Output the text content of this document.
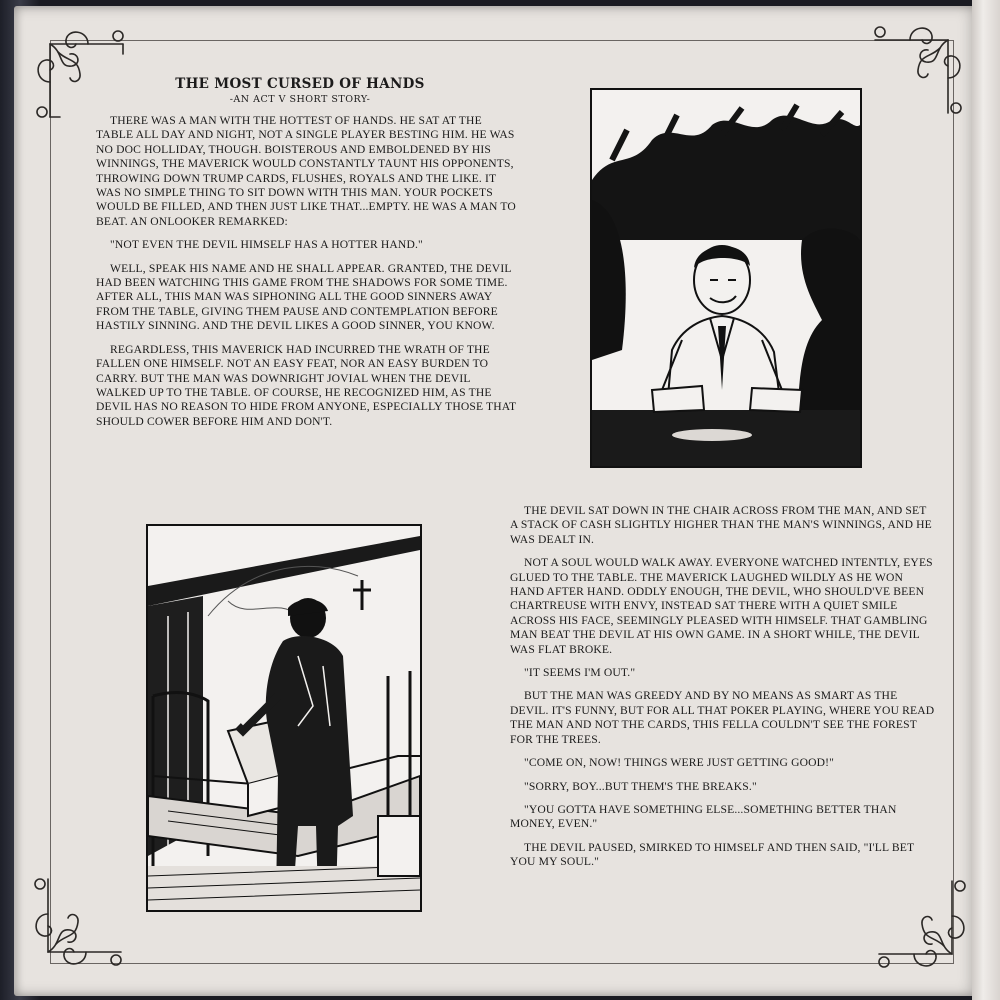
THE MOST CURSED OF HANDS
-AN ACT V SHORT STORY-

THERE WAS A MAN WITH THE HOTTEST OF HANDS. HE SAT AT THE TABLE ALL DAY AND NIGHT, NOT A SINGLE PLAYER BESTING HIM. HE WAS NO DOC HOLLIDAY, THOUGH. BOISTEROUS AND EMBOLDENED BY HIS WINNINGS, THE MAVERICK WOULD CONSTANTLY TAUNT HIS OPPONENTS, THROWING DOWN TRUMP CARDS, FLUSHES, ROYALS AND THE LIKE. IT WAS NO SIMPLE THING TO SIT DOWN WITH THIS MAN. YOUR POCKETS WOULD BE FILLED, AND THEN JUST LIKE THAT...EMPTY. HE WAS A MAN TO BEAT. AN ONLOOKER REMARKED:

"NOT EVEN THE DEVIL HIMSELF HAS A HOTTER HAND."

WELL, SPEAK HIS NAME AND HE SHALL APPEAR. GRANTED, THE DEVIL HAD BEEN WATCHING THIS GAME FROM THE SHADOWS FOR SOME TIME. AFTER ALL, THIS MAN WAS SIPHONING ALL THE GOOD SINNERS AWAY FROM THE TABLE, GIVING THEM PAUSE AND CONTEMPLATION BEFORE HASTILY SINNING. AND THE DEVIL LIKES A GOOD SINNER, YOU KNOW.

REGARDLESS, THIS MAVERICK HAD INCURRED THE WRATH OF THE FALLEN ONE HIMSELF. NOT AN EASY FEAT, NOR AN EASY BURDEN TO CARRY. BUT THE MAN WAS DOWNRIGHT JOVIAL WHEN THE DEVIL WALKED UP TO THE TABLE. OF COURSE, HE RECOGNIZED HIM, AS THE DEVIL HAS NO REASON TO HIDE FROM ANYONE, ESPECIALLY THOSE THAT SHOULD COWER BEFORE HIM AND DON'T.

THE DEVIL SAT DOWN IN THE CHAIR ACROSS FROM THE MAN, AND SET A STACK OF CASH SLIGHTLY HIGHER THAN THE MAN'S WINNINGS, AND HE WAS DEALT IN.

NOT A SOUL WOULD WALK AWAY. EVERYONE WATCHED INTENTLY, EYES GLUED TO THE TABLE. THE MAVERICK LAUGHED WILDLY AS HE WON HAND AFTER HAND. ODDLY ENOUGH, THE DEVIL, WHO SHOULD'VE BEEN CHARTREUSE WITH ENVY, INSTEAD SAT THERE WITH A QUIET SMILE ACROSS HIS FACE, SEEMINGLY PLEASED WITH HIMSELF. THAT GAMBLING MAN BEAT THE DEVIL AT HIS OWN GAME. IN A SHORT WHILE, THE DEVIL WAS FLAT BROKE.

"IT SEEMS I'M OUT."

BUT THE MAN WAS GREEDY AND BY NO MEANS AS SMART AS THE DEVIL. IT'S FUNNY, BUT FOR ALL THAT POKER PLAYING, WHERE YOU READ THE MAN AND NOT THE CARDS, THIS FELLA COULDN'T SEE THE FOREST FOR THE TREES.

"COME ON, NOW! THINGS WERE JUST GETTING GOOD!"

"SORRY, BOY...BUT THEM'S THE BREAKS."

"YOU GOTTA HAVE SOMETHING ELSE...SOMETHING BETTER THAN MONEY, EVEN."

THE DEVIL PAUSED, SMIRKED TO HIMSELF AND THEN SAID, "I'LL BET YOU MY SOUL."
